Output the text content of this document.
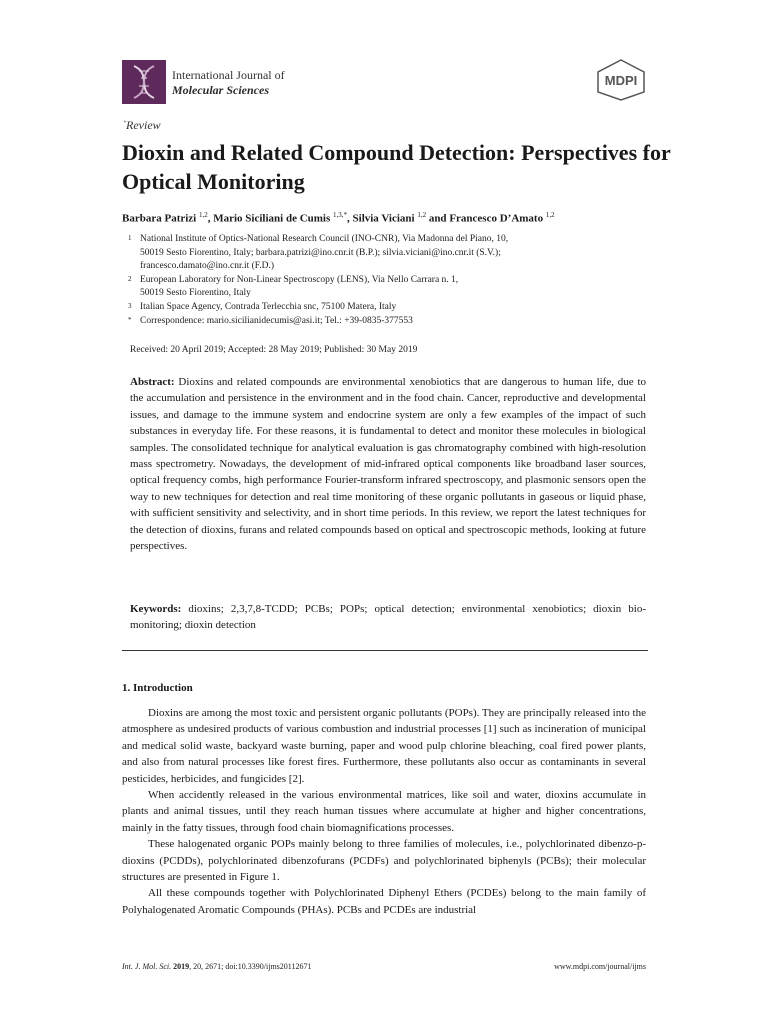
International Journal of
Molecular Sciences
MDPI
`Review
Dioxin and Related Compound Detection: Perspectives for Optical Monitoring
Barbara Patrizi $^{1,2}$, Mario Siciliani de Cumis $^{1,3,*}$, Silvia Viciani $^{1,2}$ and Francesco D’Amato $^{1,2}$
1 National Institute of Optics-National Research Council (INO-CNR), Via Madonna del Piano, 10,
50019 Sesto Fiorentino, Italy; barbara.patrizi@ino.cnr.it (B.P.); silvia.viciani@ino.cnr.it (S.V.);
francesco.damato@ino.cnr.it (F.D.)
2 European Laboratory for Non-Linear Spectroscopy (LENS), Via Nello Carrara n. 1,
50019 Sesto Fiorentino, Italy
3 Italian Space Agency, Contrada Terlecchia snc, 75100 Matera, Italy
* Correspondence: mario.sicilianidecumis@asi.it; Tel.: +39-0835-377553
Received: 20 April 2019; Accepted: 28 May 2019; Published: 30 May 2019
Abstract: Dioxins and related compounds are environmental xenobiotics that are dangerous to human life, due to the accumulation and persistence in the environment and in the food chain. Cancer, reproductive and developmental issues, and damage to the immune system and endocrine system are only a few examples of the impact of such substances in everyday life. For these reasons, it is fundamental to detect and monitor these molecules in biological samples. The consolidated technique for analytical evaluation is gas chromatography combined with high-resolution mass spectrometry. Nowadays, the development of mid-infrared optical components like broadband laser sources, optical frequency combs, high performance Fourier-transform infrared spectroscopy, and plasmonic sensors open the way to new techniques for detection and real time monitoring of these organic pollutants in gaseous or liquid phase, with sufficient sensitivity and selectivity, and in short time periods. In this review, we report the latest techniques for the detection of dioxins, furans and related compounds based on optical and spectroscopic methods, looking at future perspectives.
Keywords: dioxins; 2,3,7,8-TCDD; PCBs; POPs; optical detection; environmental xenobiotics; dioxin bio-monitoring; dioxin detection
1. Introduction

Dioxins are among the most toxic and persistent organic pollutants (POPs). They are principally released into the atmosphere as undesired products of various combustion and industrial processes [1] such as incineration of municipal and medical solid waste, backyard waste burning, paper and wood pulp chlorine bleaching, coal fired power plants, and also from natural processes like forest fires. Furthermore, these pollutants also occur as contaminants in several pesticides, herbicides, and fungicides [2].

When accidently released in the various environmental matrices, like soil and water, dioxins accumulate in plants and animal tissues, until they reach human tissues where accumulate at higher and higher concentrations, mainly in the fatty tissues, through food chain biomagnifications processes.

These halogenated organic POPs mainly belong to three families of molecules, i.e., polychlorinated dibenzo-p-dioxins (PCDDs), polychlorinated dibenzofurans (PCDFs) and polychlorinated biphenyls (PCBs); their molecular structures are presented in Figure 1.

All these compounds together with Polychlorinated Diphenyl Ethers (PCDEs) belong to the main family of Polyhalogenated Aromatic Compounds (PHAs). PCBs and PCDEs are industrial

Int. J. Mol. Sci. 2019, 20, 2671; doi:10.3390/ijms20112671	www.mdpi.com/journal/ijms
